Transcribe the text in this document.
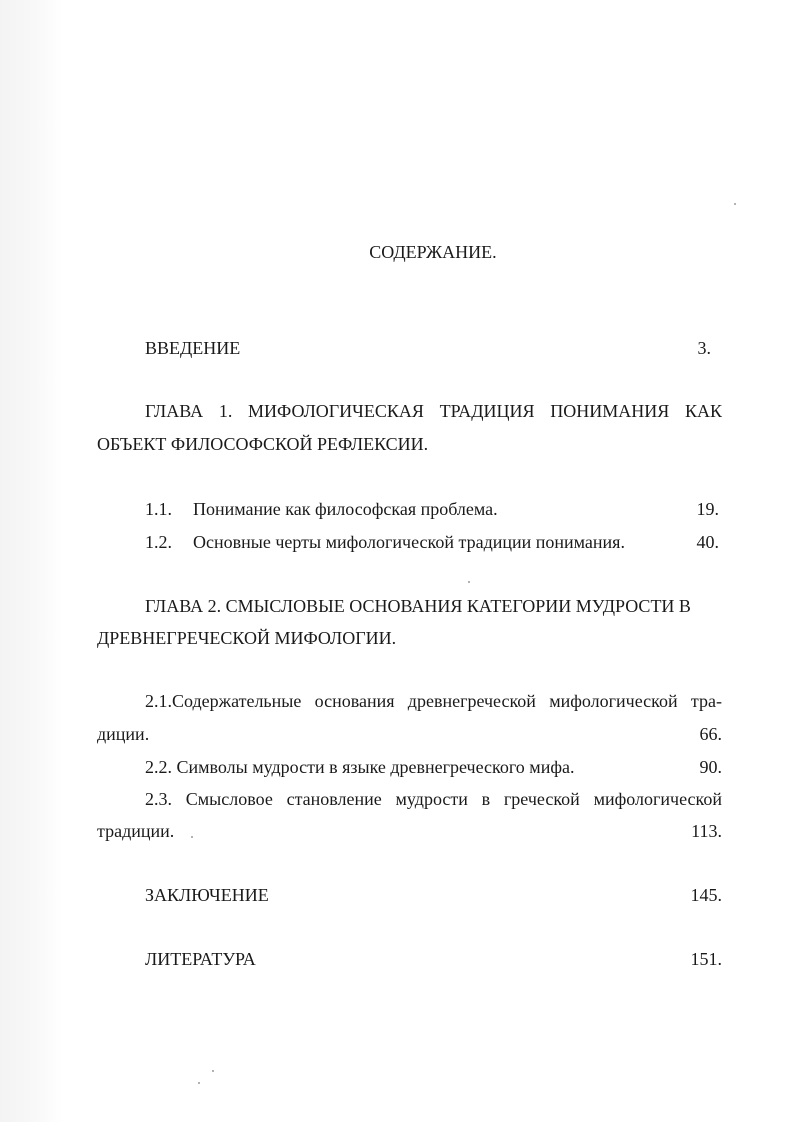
СОДЕРЖАНИЕ.
ВВЕДЕНИЕ	3.
ГЛАВА 1. МИФОЛОГИЧЕСКАЯ ТРАДИЦИЯ ПОНИМАНИЯ КАК
ОБЪЕКТ ФИЛОСОФСКОЙ РЕФЛЕКСИИ.
1.1. Понимание как философская проблема.	19.
1.2. Основные черты мифологической традиции понимания.	40.
ГЛАВА 2. СМЫСЛОВЫЕ ОСНОВАНИЯ КАТЕГОРИИ МУДРОСТИ В
ДРЕВНЕГРЕЧЕСКОЙ МИФОЛОГИИ.
2.1.Содержательные основания древнегреческой мифологической тра-
диции.	66.
2.2. Символы мудрости в языке древнегреческого мифа.	90.
2.3. Смысловое становление мудрости в греческой мифологической
традиции.	113.
ЗАКЛЮЧЕНИЕ	145.
ЛИТЕРАТУРА	151.
